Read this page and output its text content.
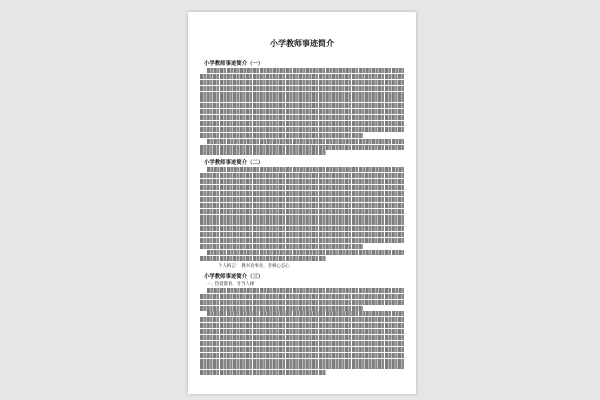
小学教师事迹简介
小学教师事迹简介（一）
小学教师事迹简介（二）
个人格言： 教书育事业，育桃心态心
小学教师事迹简介（三）
一、热爱教育，甘当人梯
